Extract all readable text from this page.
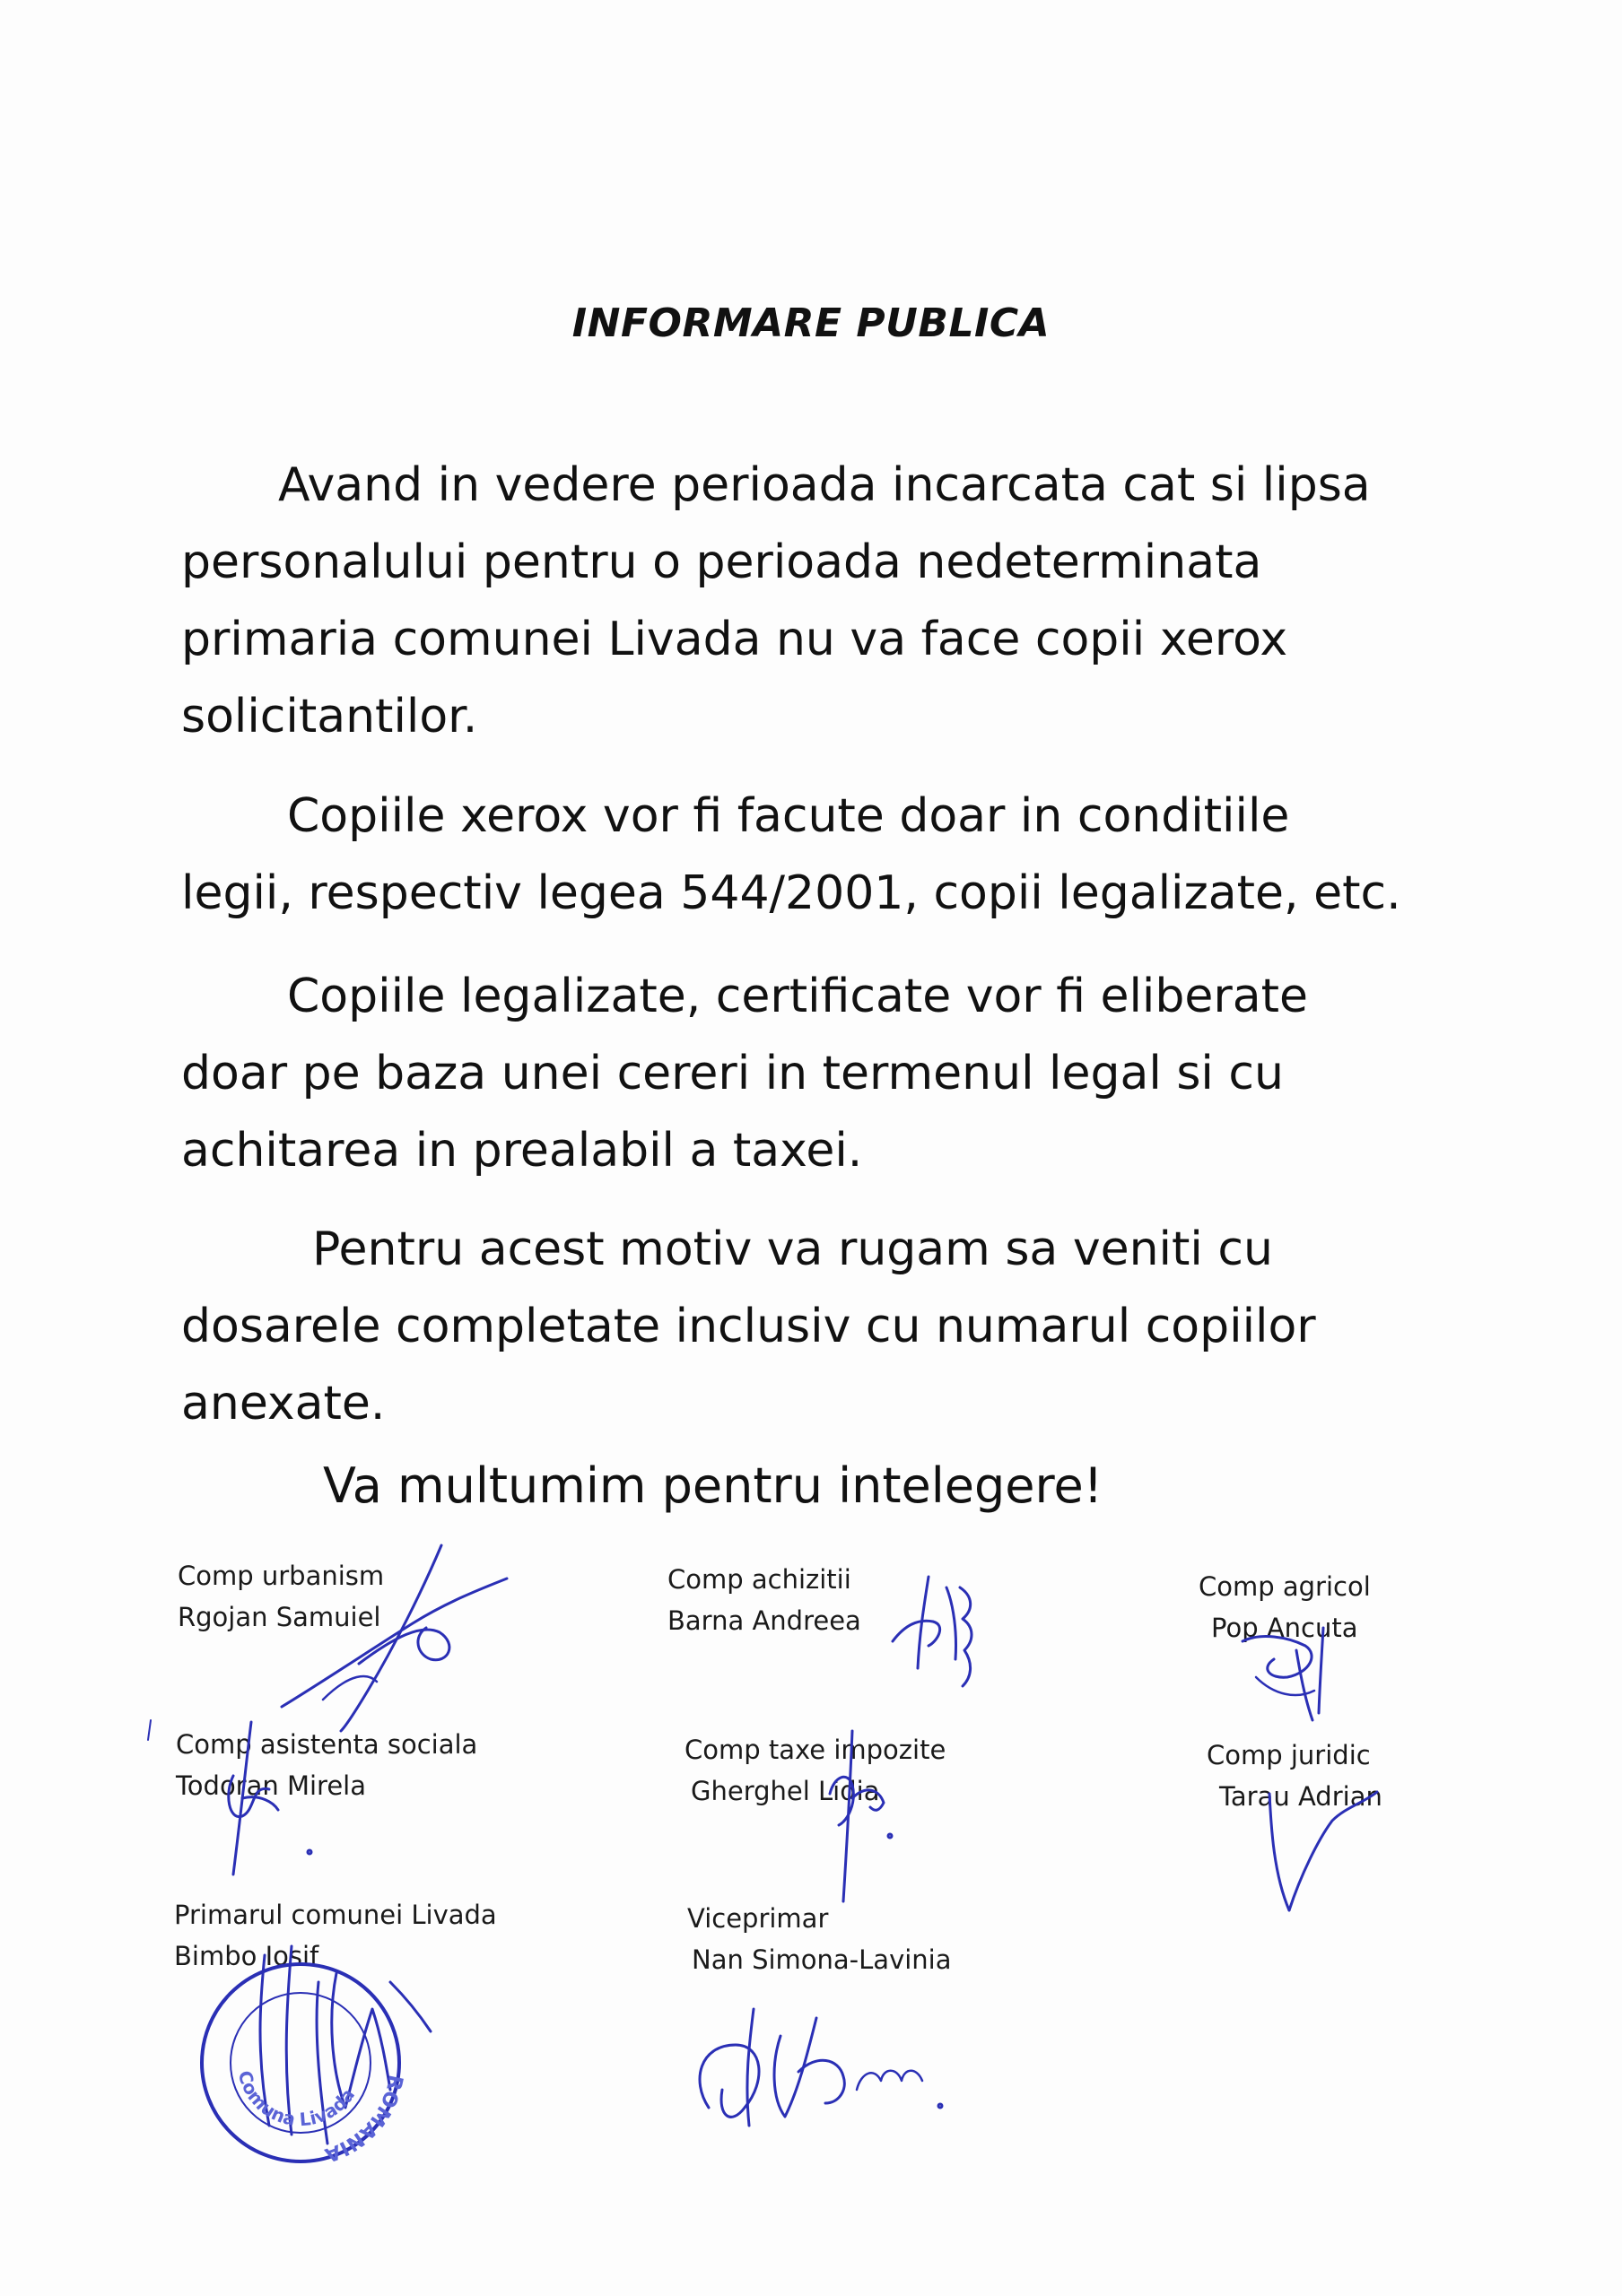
INFORMARE PUBLICA

Avand in vedere perioada incarcata cat si lipsa
personalului pentru o perioada nedeterminata
primaria comunei Livada nu va face copii xerox
solicitantilor.

Copiile xerox vor fi facute doar in conditiile
legii, respectiv legea 544/2001, copii legalizate, etc.

Copiile legalizate, certificate vor fi eliberate
doar pe baza unei cereri in termenul legal si cu
achitarea in prealabil a taxei.

Pentru acest motiv va rugam sa veniti cu
dosarele completate inclusiv cu numarul copiilor
anexate.

Va multumim pentru intelegere!
Comp urbanism
Rgojan Samuiel
Comp achizitii
Barna Andreea
Comp agricol
Pop Ancuta
Comp asistenta sociala
Todoran Mirela
Comp taxe impozite
Gherghel Lidia
Comp juridic
Tarau Adrian
Primarul comunei Livada
Bimbo Iosif
Viceprimar
Nan Simona-Lavinia
ROMANIA
Comuna Livada
